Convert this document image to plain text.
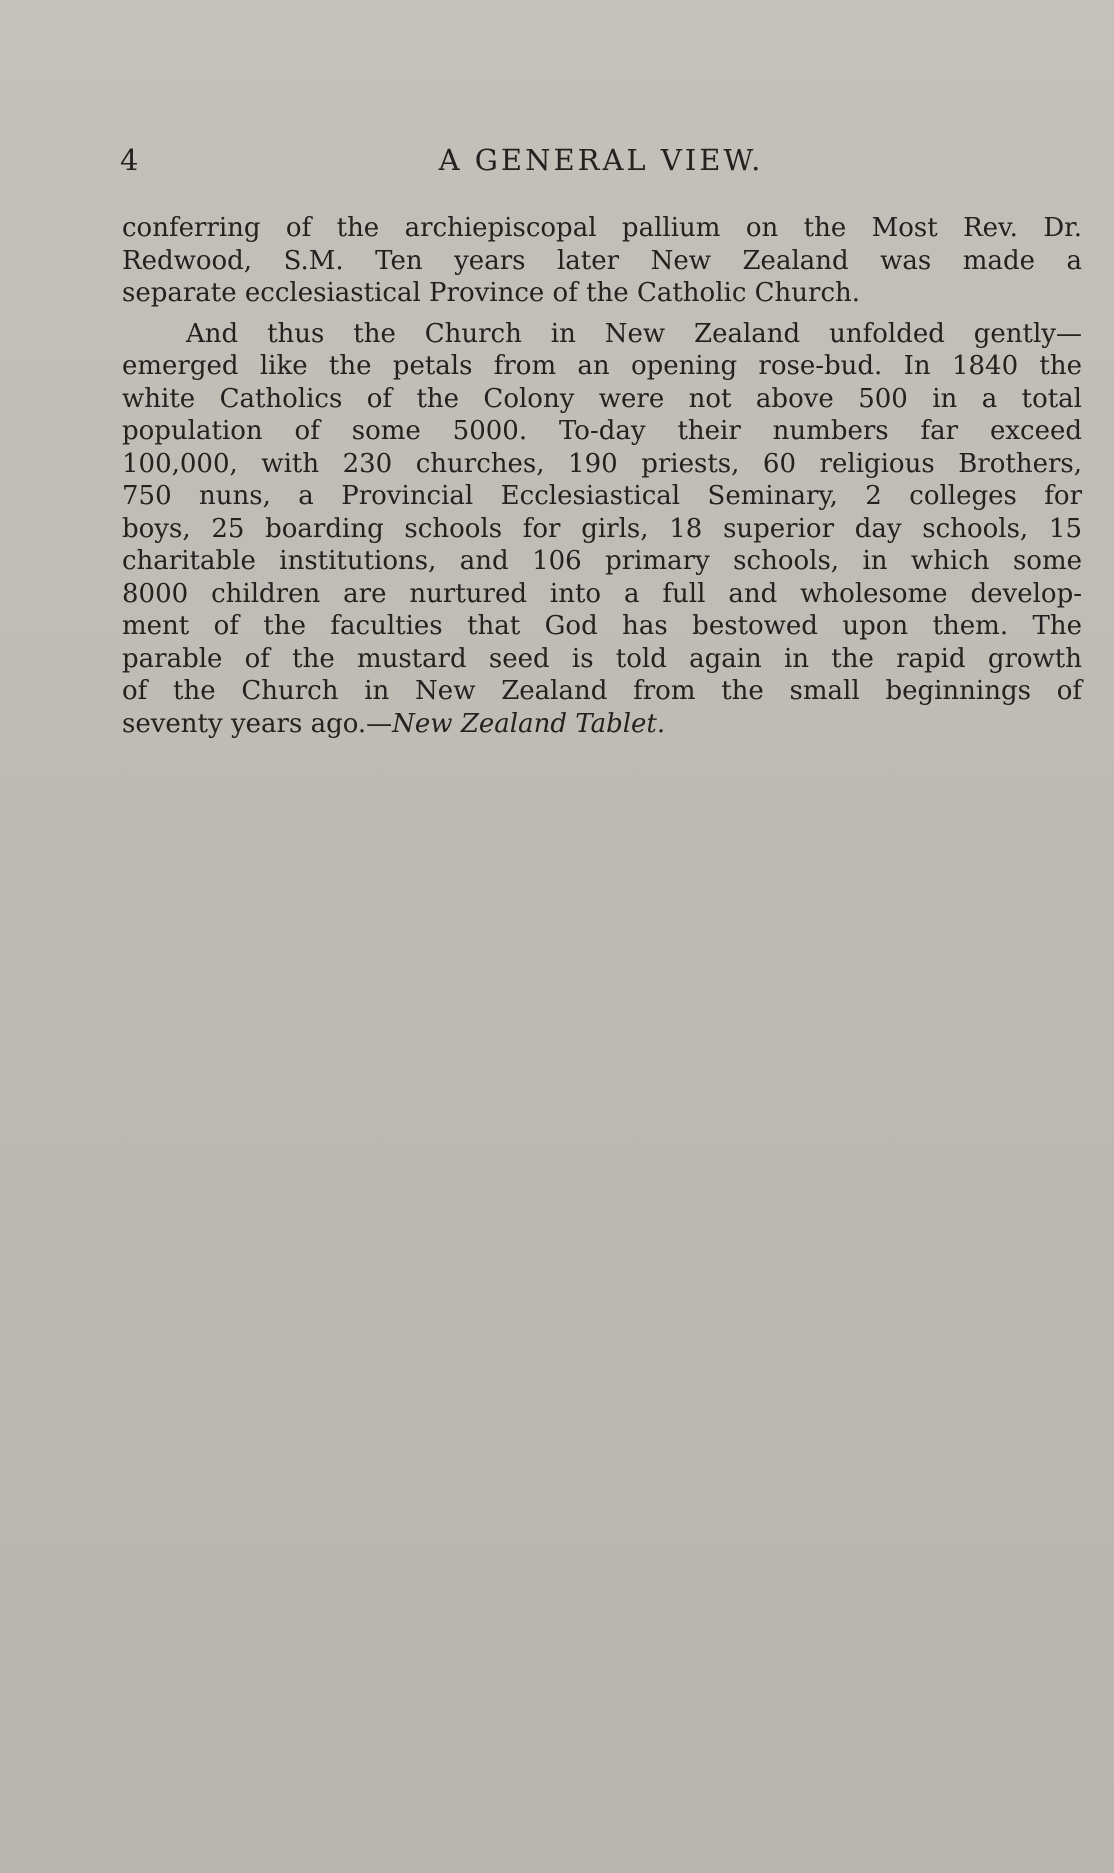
4	A GENERAL VIEW.
conferring of the archiepiscopal pallium on the Most Rev. Dr.
Redwood, S.M. Ten years later New Zealand was made a
separate ecclesiastical Province of the Catholic Church.
And thus the Church in New Zealand unfolded gently—
emerged like the petals from an opening rose-bud. In 1840 the
white Catholics of the Colony were not above 500 in a total
population of some 5000. To-day their numbers far exceed
100,000, with 230 churches, 190 priests, 60 religious Brothers,
750 nuns, a Provincial Ecclesiastical Seminary, 2 colleges for
boys, 25 boarding schools for girls, 18 superior day schools, 15
charitable institutions, and 106 primary schools, in which some
8000 children are nurtured into a full and wholesome develop-
ment of the faculties that God has bestowed upon them. The
parable of the mustard seed is told again in the rapid growth
of the Church in New Zealand from the small beginnings of
seventy years ago.—New Zealand Tablet.
